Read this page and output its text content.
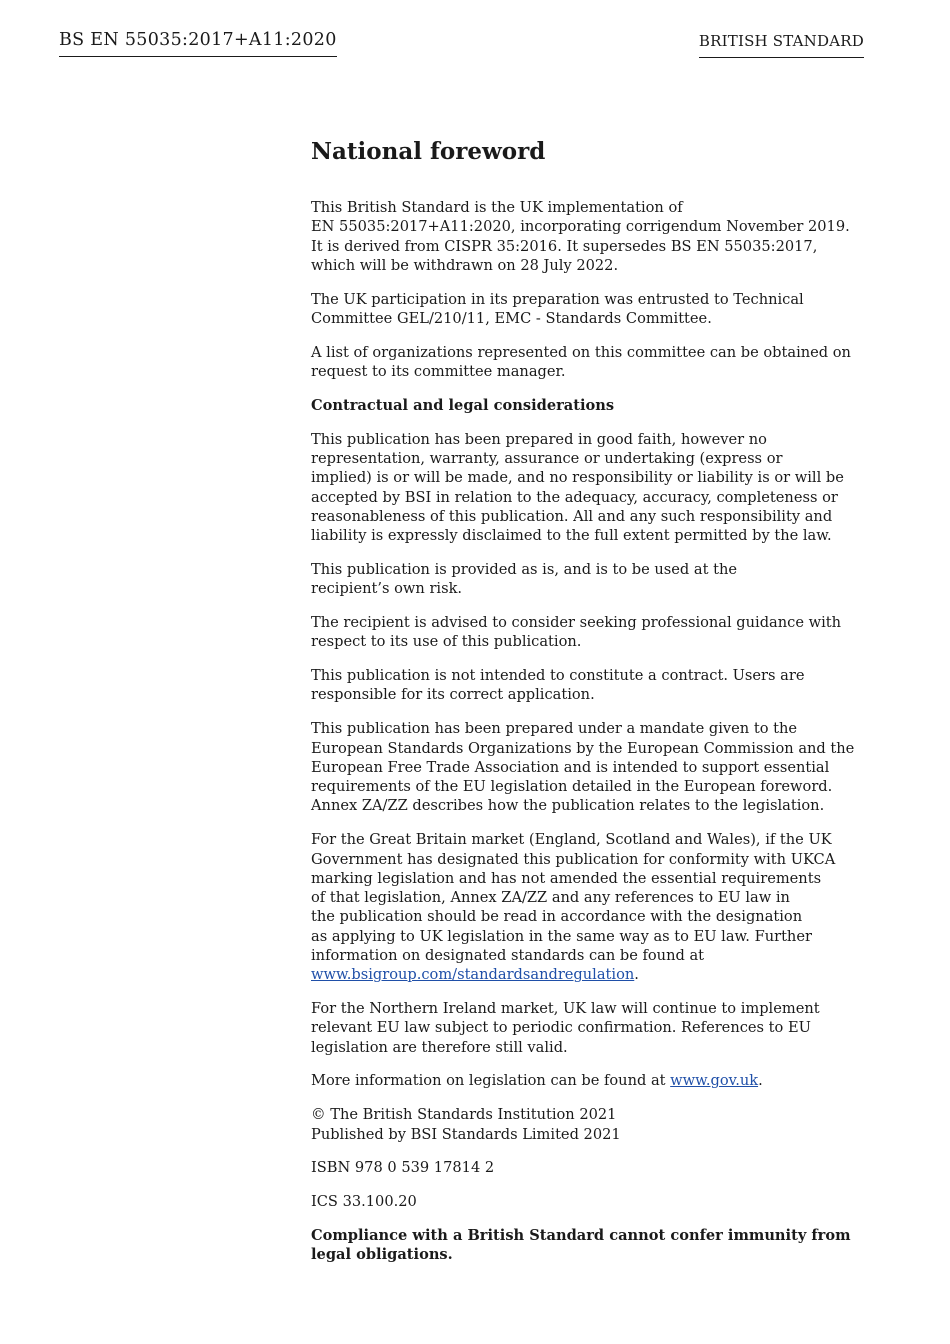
BS EN 55035:2017+A11:2020	BRITISH STANDARD
National foreword

This British Standard is the UK implementation of
EN 55035:2017+A11:2020, incorporating corrigendum November 2019.
It is derived from CISPR 35:2016. It supersedes BS EN 55035:2017,
which will be withdrawn on 28 July 2022.

The UK participation in its preparation was entrusted to Technical
Committee GEL/210/11, EMC - Standards Committee.

A list of organizations represented on this committee can be obtained on
request to its committee manager.

Contractual and legal considerations

This publication has been prepared in good faith, however no
representation, warranty, assurance or undertaking (express or
implied) is or will be made, and no responsibility or liability is or will be
accepted by BSI in relation to the adequacy, accuracy, completeness or
reasonableness of this publication. All and any such responsibility and
liability is expressly disclaimed to the full extent permitted by the law.

This publication is provided as is, and is to be used at the
recipient’s own risk.

The recipient is advised to consider seeking professional guidance with
respect to its use of this publication.

This publication is not intended to constitute a contract. Users are
responsible for its correct application.

This publication has been prepared under a mandate given to the
European Standards Organizations by the European Commission and the
European Free Trade Association and is intended to support essential
requirements of the EU legislation detailed in the European foreword.
Annex ZA/ZZ describes how the publication relates to the legislation.

For the Great Britain market (England, Scotland and Wales), if the UK
Government has designated this publication for conformity with UKCA
marking legislation and has not amended the essential requirements
of that legislation, Annex ZA/ZZ and any references to EU law in
the publication should be read in accordance with the designation
as applying to UK legislation in the same way as to EU law. Further
information on designated standards can be found at
www.bsigroup.com/standardsandregulation.

For the Northern Ireland market, UK law will continue to implement
relevant EU law subject to periodic confirmation. References to EU
legislation are therefore still valid.

More information on legislation can be found at www.gov.uk.

© The British Standards Institution 2021
Published by BSI Standards Limited 2021

ISBN 978 0 539 17814 2

ICS 33.100.20

Compliance with a British Standard cannot confer immunity from
legal obligations.
